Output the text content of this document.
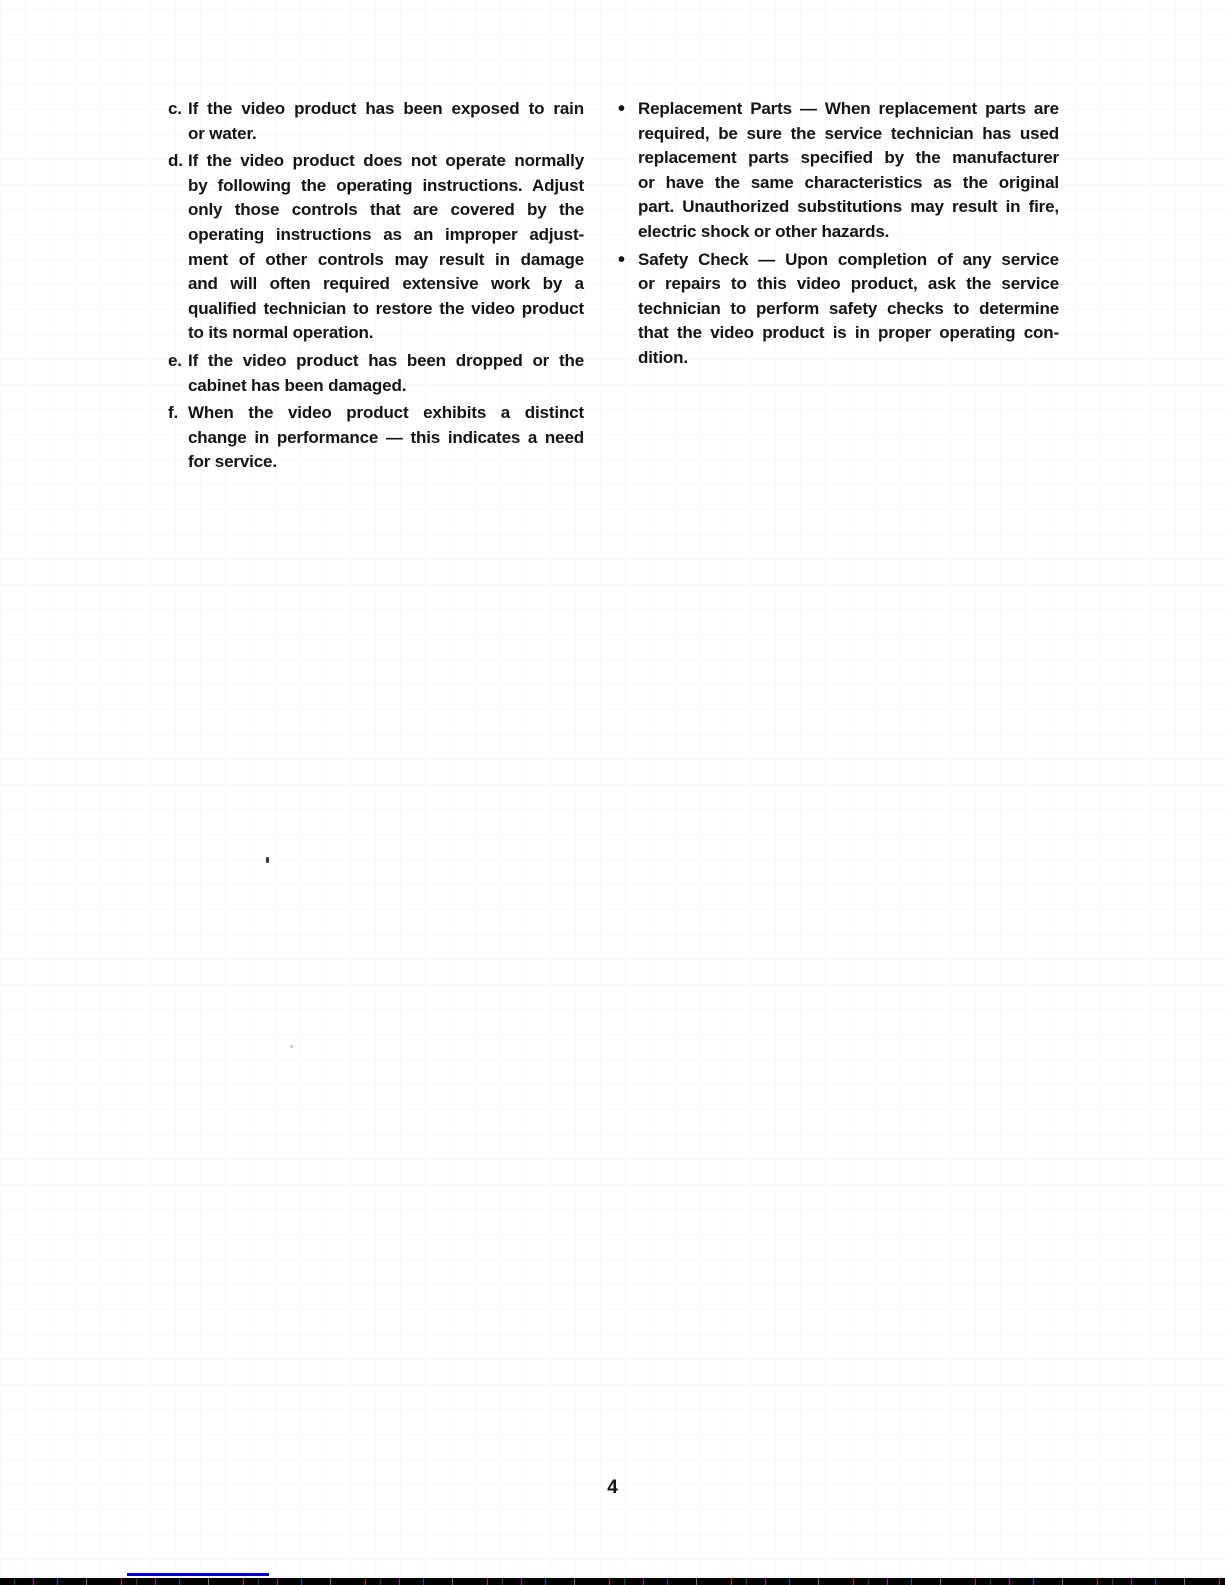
c. If the video product has been exposed to rain
or water.
d. If the video product does not operate normally
by following the operating instructions. Adjust
only those controls that are covered by the
operating instructions as an improper adjust-
ment of other controls may result in damage
and will often required extensive work by a
qualified technician to restore the video product
to its normal operation.
e. If the video product has been dropped or the
cabinet has been damaged.
f. When the video product exhibits a distinct
change in performance — this indicates a need
for service.
• Replacement Parts — When replacement parts are
required, be sure the service technician has used
replacement parts specified by the manufacturer
or have the same characteristics as the original
part. Unauthorized substitutions may result in fire,
electric shock or other hazards.
• Safety Check — Upon completion of any service
or repairs to this video product, ask the service
technician to perform safety checks to determine
that the video product is in proper operating con-
dition.
4
